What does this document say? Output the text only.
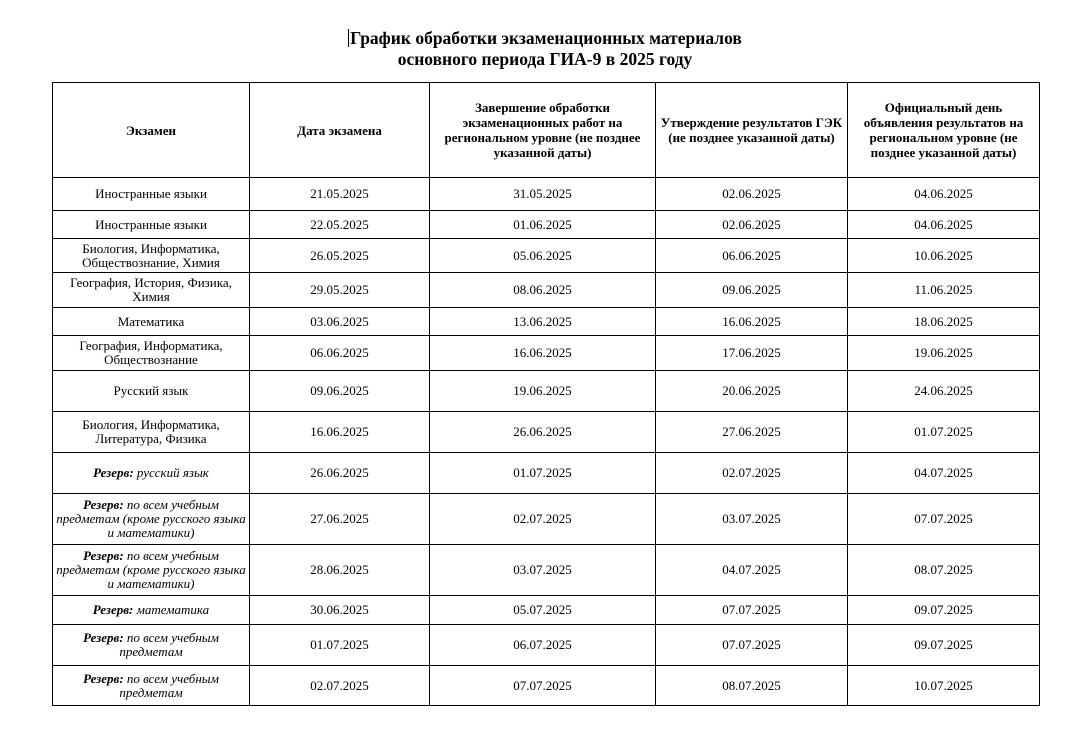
График обработки экзаменационных материалов
основного периода ГИА-9 в 2025 году
Экзамен	Дата экзамена	Завершение обработки экзаменационных работ на региональном уровне (не позднее указанной даты)	Утверждение результатов ГЭК (не позднее указанной даты)	Официальный день объявления результатов на региональном уровне (не позднее указанной даты)

Иностранные языки	21.05.2025	31.05.2025	02.06.2025	04.06.2025

Иностранные языки	22.05.2025	01.06.2025	02.06.2025	04.06.2025

Биология, Информатика, Обществознание, Химия	26.05.2025	05.06.2025	06.06.2025	10.06.2025

География, История, Физика, Химия	29.05.2025	08.06.2025	09.06.2025	11.06.2025

Математика	03.06.2025	13.06.2025	16.06.2025	18.06.2025

География, Информатика, Обществознание	06.06.2025	16.06.2025	17.06.2025	19.06.2025

Русский язык	09.06.2025	19.06.2025	20.06.2025	24.06.2025

Биология, Информатика, Литература, Физика	16.06.2025	26.06.2025	27.06.2025	01.07.2025

Резерв: русский язык	26.06.2025	01.07.2025	02.07.2025	04.07.2025

Резерв: по всем учебным предметам (кроме русского языка и математики)	27.06.2025	02.07.2025	03.07.2025	07.07.2025

Резерв: по всем учебным предметам (кроме русского языка и математики)	28.06.2025	03.07.2025	04.07.2025	08.07.2025

Резерв: математика	30.06.2025	05.07.2025	07.07.2025	09.07.2025

Резерв: по всем учебным предметам	01.07.2025	06.07.2025	07.07.2025	09.07.2025

Резерв: по всем учебным предметам	02.07.2025	07.07.2025	08.07.2025	10.07.2025
